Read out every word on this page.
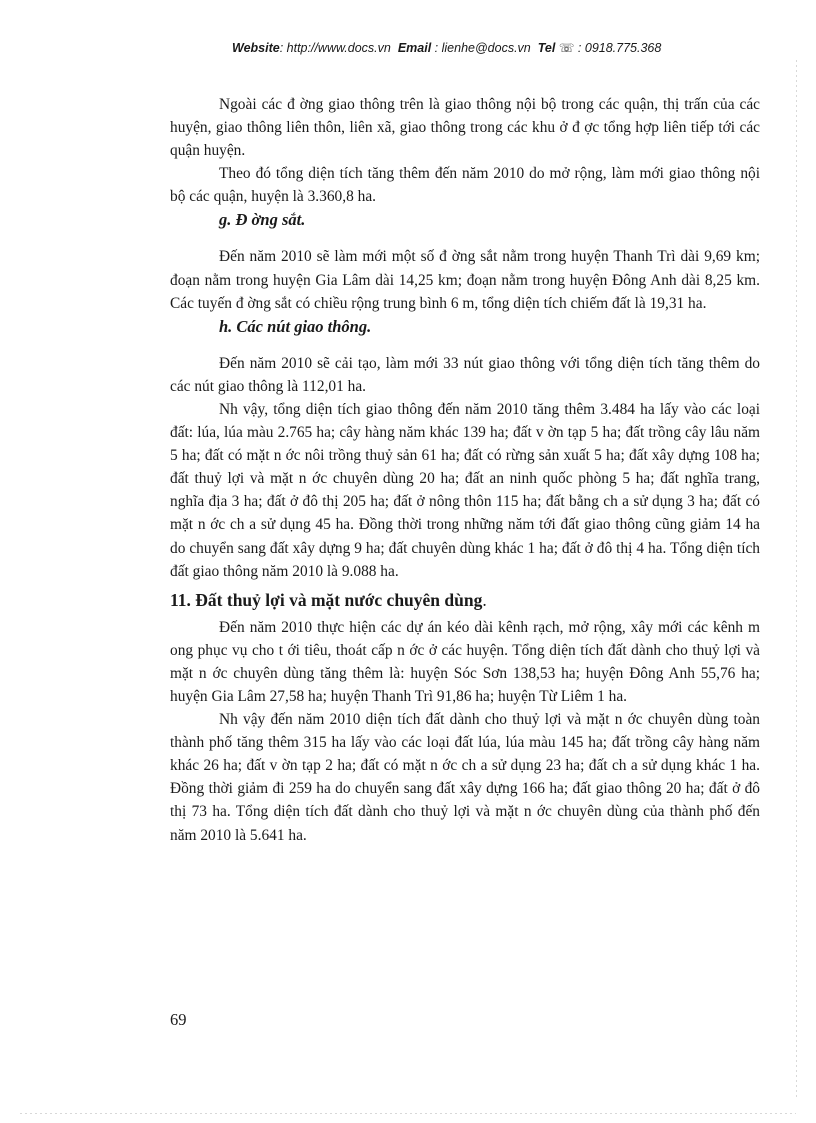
Website: http://www.docs.vn Email : lienhe@docs.vn Tel ☏ : 0918.775.368

Ngoài các đ ờng giao thông trên là giao thông nội bộ trong các quận, thị trấn của các huyện, giao thông liên thôn, liên xã, giao thông trong các khu ở đ ợc tổng hợp liên tiếp tới các quận huyện.

Theo đó tổng diện tích tăng thêm đến năm 2010 do mở rộng, làm mới giao thông nội bộ các quận, huyện là 3.360,8 ha.

g. Đ ờng sắt.

Đến năm 2010 sẽ làm mới một số đ ờng sắt nằm trong huyện Thanh Trì dài 9,69 km; đoạn nằm trong huyện Gia Lâm dài 14,25 km; đoạn nằm trong huyện Đông Anh dài 8,25 km. Các tuyến đ ờng sắt có chiều rộng trung bình 6 m, tổng diện tích chiếm đất là 19,31 ha.

h. Các nút giao thông.

Đến năm 2010 sẽ cải tạo, làm mới 33 nút giao thông với tổng diện tích tăng thêm do các nút giao thông là 112,01 ha.

Nh vậy, tổng diện tích giao thông đến năm 2010 tăng thêm 3.484 ha lấy vào các loại đất: lúa, lúa màu 2.765 ha; cây hàng năm khác 139 ha; đất v ờn tạp 5 ha; đất trồng cây lâu năm 5 ha; đất có mặt n ớc nôi trồng thuỷ sản 61 ha; đất có rừng sản xuất 5 ha; đất xây dựng 108 ha; đất thuỷ lợi và mặt n ớc chuyên dùng 20 ha; đất an ninh quốc phòng 5 ha; đất nghĩa trang, nghĩa địa 3 ha; đất ở đô thị 205 ha; đất ở nông thôn 115 ha; đất bằng ch a sử dụng 3 ha; đất có mặt n ớc ch a sử dụng 45 ha. Đồng thời trong những năm tới đất giao thông cũng giảm 14 ha do chuyển sang đất xây dựng 9 ha; đất chuyên dùng khác 1 ha; đất ở đô thị 4 ha. Tổng diện tích đất giao thông năm 2010 là 9.088 ha.

11. Đất thuỷ lợi và mặt nước chuyên dùng.

Đến năm 2010 thực hiện các dự án kéo dài kênh rạch, mở rộng, xây mới các kênh m ong phục vụ cho t ới tiêu, thoát cấp n ớc ở các huyện. Tổng diện tích đất dành cho thuỷ lợi và mặt n ớc chuyên dùng tăng thêm là: huyện Sóc Sơn 138,53 ha; huyện Đông Anh 55,76 ha; huyện Gia Lâm 27,58 ha; huyện Thanh Trì 91,86 ha; huyện Từ Liêm 1 ha.

Nh vậy đến năm 2010 diện tích đất dành cho thuỷ lợi và mặt n ớc chuyên dùng toàn thành phố tăng thêm 315 ha lấy vào các loại đất lúa, lúa màu 145 ha; đất trồng cây hàng năm khác 26 ha; đất v ờn tạp 2 ha; đất có mặt n ớc ch a sử dụng 23 ha; đất ch a sử dụng khác 1 ha. Đồng thời giảm đi 259 ha do chuyển sang đất xây dựng 166 ha; đất giao thông 20 ha; đất ở đô thị 73 ha. Tổng diện tích đất dành cho thuỷ lợi và mặt n ớc chuyên dùng của thành phố đến năm 2010 là 5.641 ha.

69
